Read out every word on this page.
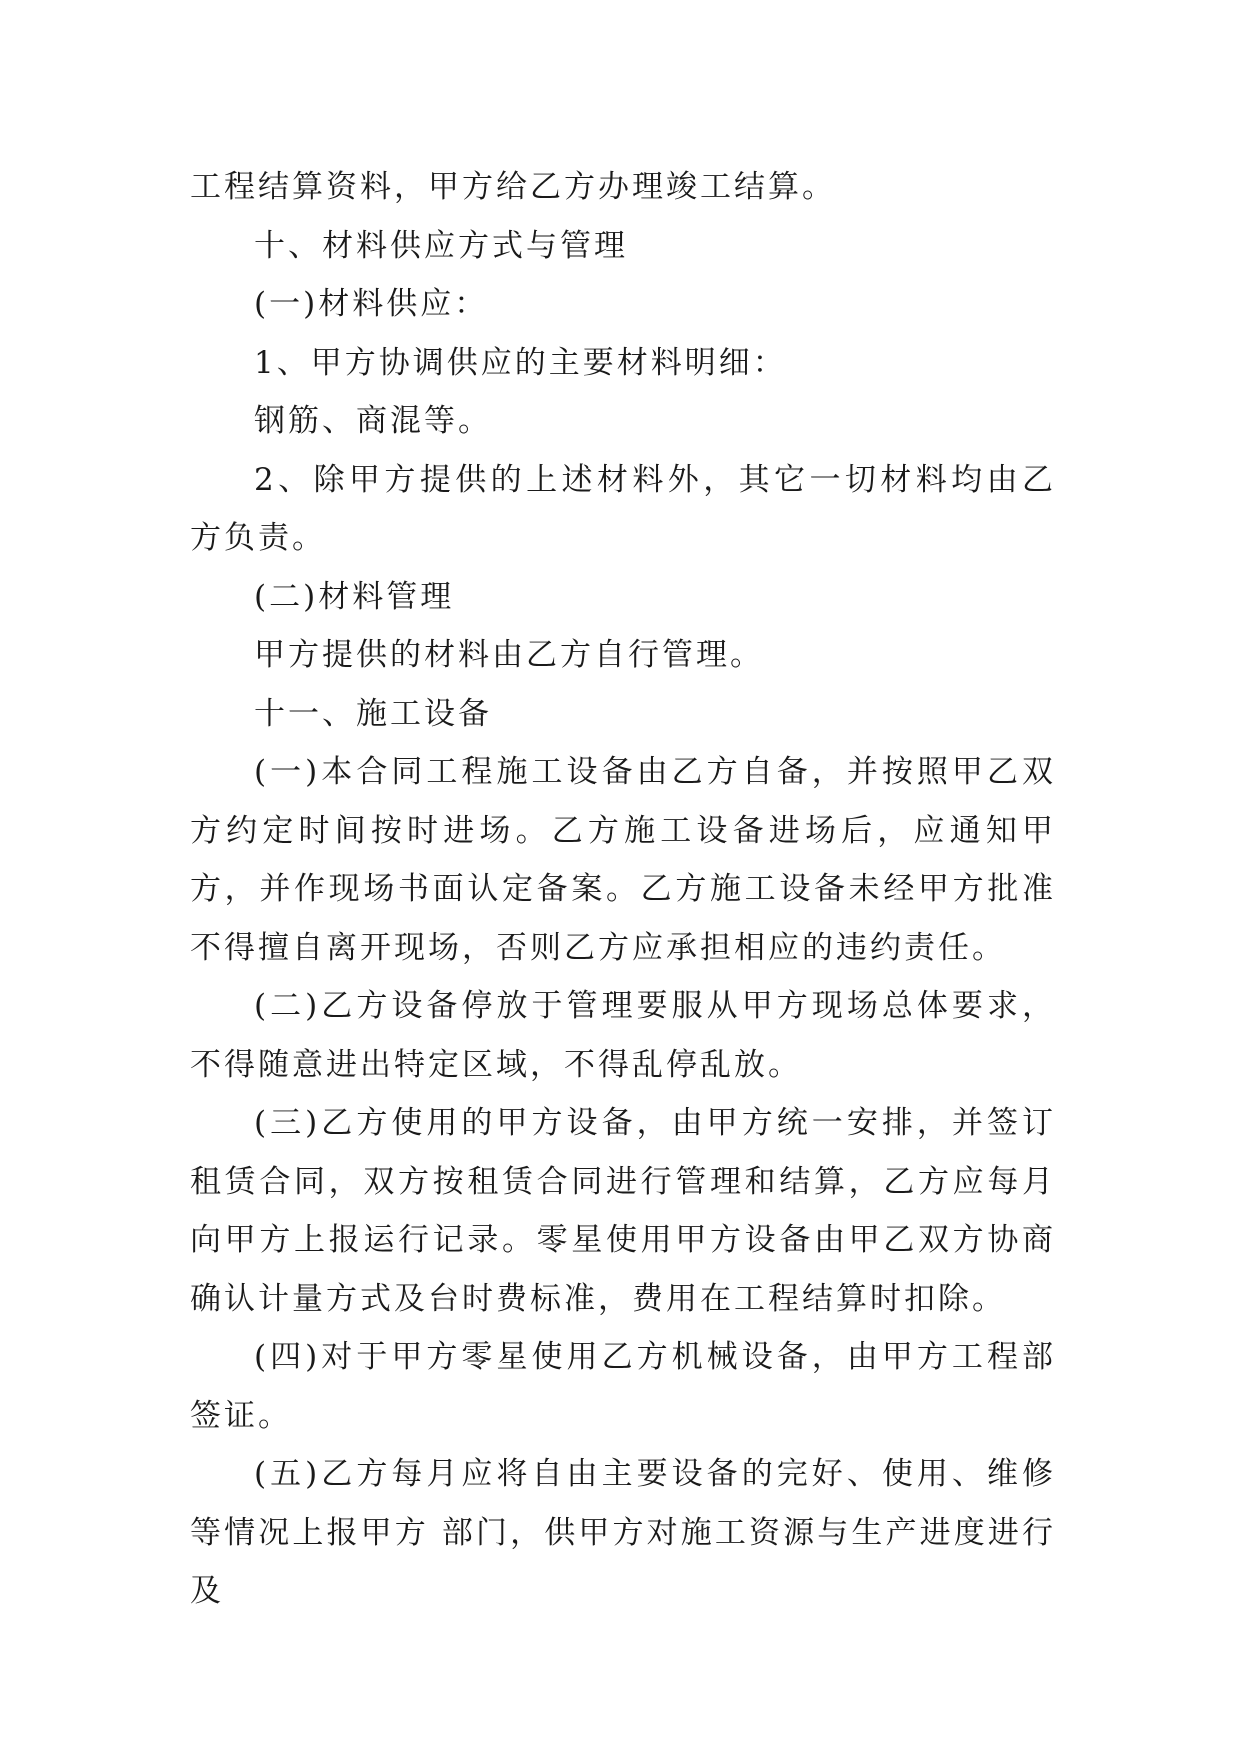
工程结算资料，甲方给乙方办理竣工结算。

十、材料供应方式与管理

(一)材料供应：

1、甲方协调供应的主要材料明细：

钢筋、商混等。

2、除甲方提供的上述材料外，其它一切材料均由乙方负责。

(二)材料管理

甲方提供的材料由乙方自行管理。

十一、施工设备

(一)本合同工程施工设备由乙方自备，并按照甲乙双方约定时间按时进场。乙方施工设备进场后，应通知甲方，并作现场书面认定备案。乙方施工设备未经甲方批准不得擅自离开现场，否则乙方应承担相应的违约责任。

(二)乙方设备停放于管理要服从甲方现场总体要求，不得随意进出特定区域，不得乱停乱放。

(三)乙方使用的甲方设备，由甲方统一安排，并签订租赁合同，双方按租赁合同进行管理和结算，乙方应每月向甲方上报运行记录。零星使用甲方设备由甲乙双方协商确认计量方式及台时费标准，费用在工程结算时扣除。

(四)对于甲方零星使用乙方机械设备，由甲方工程部签证。

(五)乙方每月应将自由主要设备的完好、使用、维修等情况上报甲方 部门，供甲方对施工资源与生产进度进行及
